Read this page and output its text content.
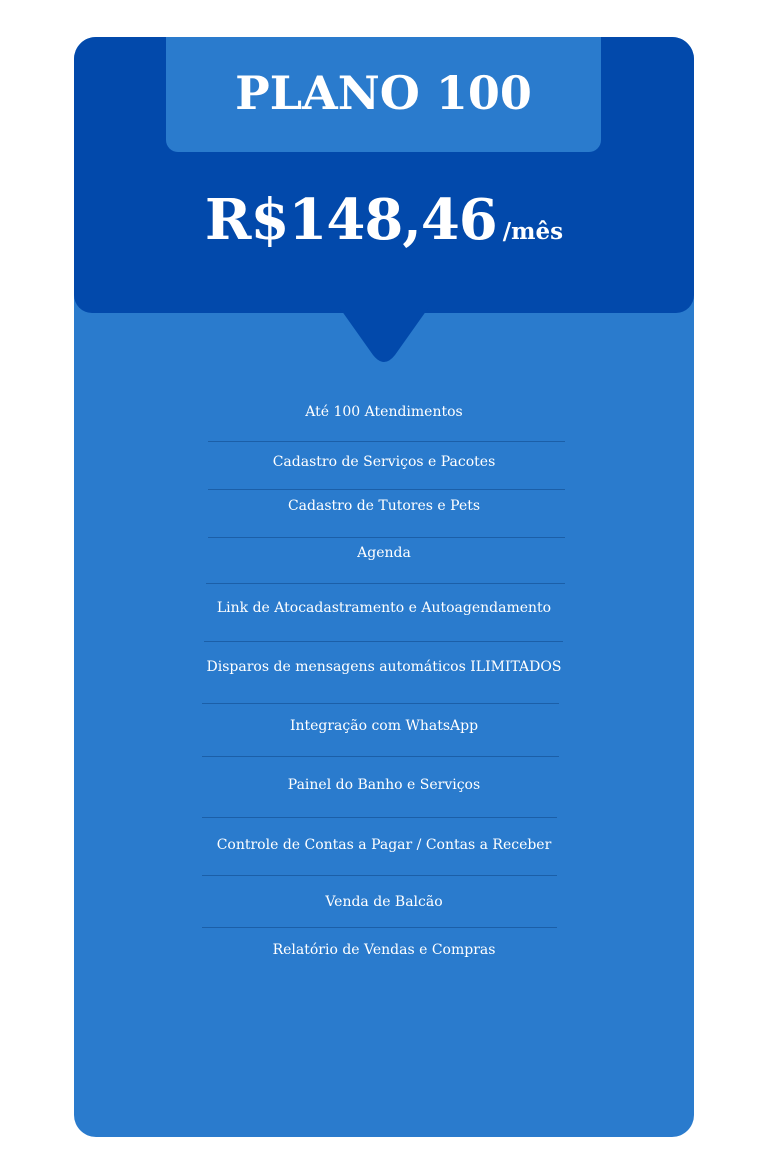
PLANO 100
R$148,46 /mês
Até 100 Atendimentos
Cadastro de Serviços e Pacotes
Cadastro de Tutores e Pets
Agenda
Link de Atocadastramento e Autoagendamento
Disparos de mensagens automáticos ILIMITADOS
Integração com WhatsApp
Painel do Banho e Serviços
Controle de Contas a Pagar / Contas a Receber
Venda de Balcão
Relatório de Vendas e Compras
